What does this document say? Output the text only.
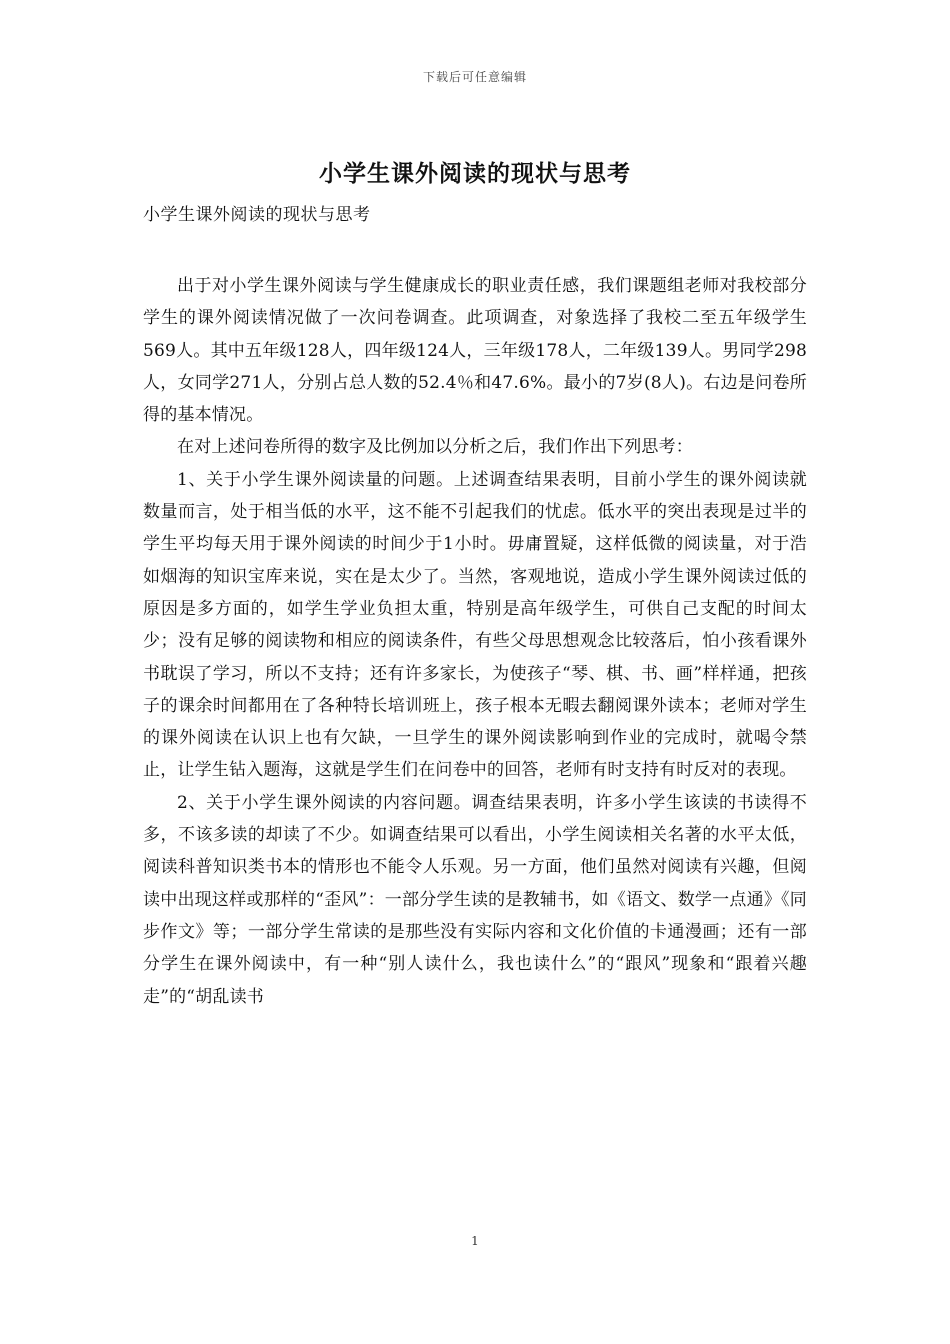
下载后可任意编辑
小学生课外阅读的现状与思考
小学生课外阅读的现状与思考

出于对小学生课外阅读与学生健康成长的职业责任感，我们课题组老师对我校部分学生的课外阅读情况做了一次问卷调查。此项调查，对象选择了我校二至五年级学生569人。其中五年级128人，四年级124人，三年级178人，二年级139人。男同学298人，女同学271人，分别占总人数的52.4％和47.6%。最小的7岁(8人)。右边是问卷所得的基本情况。

在对上述问卷所得的数字及比例加以分析之后，我们作出下列思考：

1、关于小学生课外阅读量的问题。上述调查结果表明，目前小学生的课外阅读就数量而言，处于相当低的水平，这不能不引起我们的忧虑。低水平的突出表现是过半的学生平均每天用于课外阅读的时间少于1小时。毋庸置疑，这样低微的阅读量，对于浩如烟海的知识宝库来说，实在是太少了。当然，客观地说，造成小学生课外阅读过低的原因是多方面的，如学生学业负担太重，特别是高年级学生，可供自己支配的时间太少；没有足够的阅读物和相应的阅读条件，有些父母思想观念比较落后，怕小孩看课外书耽误了学习，所以不支持；还有许多家长，为使孩子“琴、棋、书、画”样样通，把孩子的课余时间都用在了各种特长培训班上，孩子根本无暇去翻阅课外读本；老师对学生的课外阅读在认识上也有欠缺，一旦学生的课外阅读影响到作业的完成时，就喝令禁止，让学生钻入题海，这就是学生们在问卷中的回答，老师有时支持有时反对的表现。

2、关于小学生课外阅读的内容问题。调查结果表明，许多小学生该读的书读得不多，不该多读的却读了不少。如调查结果可以看出，小学生阅读相关名著的水平太低，阅读科普知识类书本的情形也不能令人乐观。另一方面，他们虽然对阅读有兴趣，但阅读中出现这样或那样的“歪风”：一部分学生读的是教辅书，如《语文、数学一点通》《同步作文》等；一部分学生常读的是那些没有实际内容和文化价值的卡通漫画；还有一部分学生在课外阅读中，有一种“别人读什么，我也读什么”的“跟风”现象和“跟着兴趣走”的“胡乱读书

1
